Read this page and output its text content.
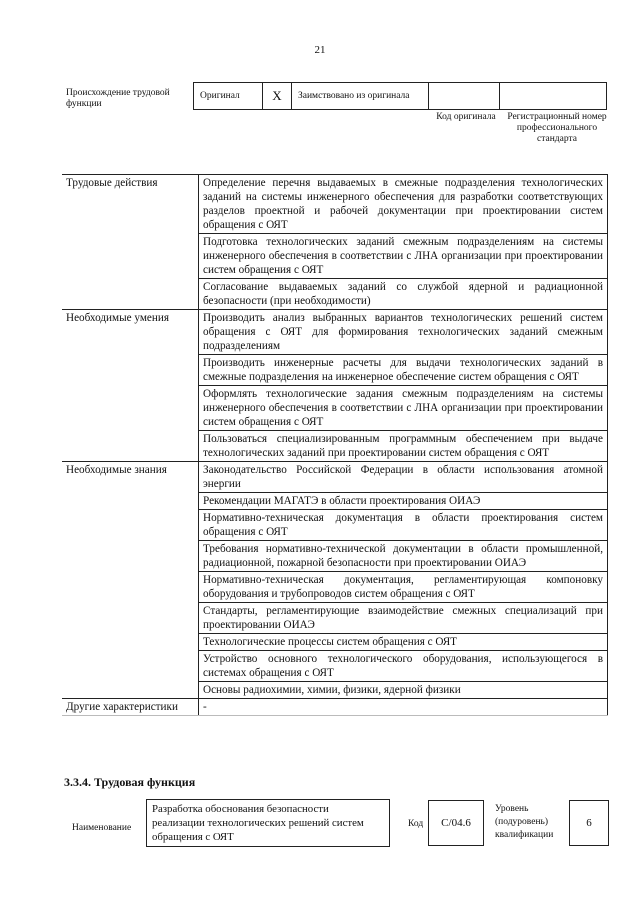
21
Происхождение трудовой функции
Оригинал	X	Заимствовано из оригинала		
Код оригинала	Регистрационный номер профессионального стандарта
Трудовые действия	Определение перечня выдаваемых в смежные подразделения технологических заданий на системы инженерного обеспечения для разработки соответствующих разделов проектной и рабочей документации при проектировании систем обращения с ОЯТ
	Подготовка технологических заданий смежным подразделениям на системы инженерного обеспечения в соответствии с ЛНА организации при проектировании систем обращения с ОЯТ
	Согласование выдаваемых заданий со службой ядерной и радиационной безопасности (при необходимости)
Необходимые умения	Производить анализ выбранных вариантов технологических решений систем обращения с ОЯТ для формирования технологических заданий смежным подразделениям
	Производить инженерные расчеты для выдачи технологических заданий в смежные подразделения на инженерное обеспечение систем обращения с ОЯТ
	Оформлять технологические задания смежным подразделениям на системы инженерного обеспечения в соответствии с ЛНА организации при проектировании систем обращения с ОЯТ
	Пользоваться специализированным программным обеспечением при выдаче технологических заданий при проектировании систем обращения с ОЯТ
Необходимые знания	Законодательство Российской Федерации в области использования атомной энергии
	Рекомендации МАГАТЭ в области проектирования ОИАЭ
	Нормативно-техническая документация в области проектирования систем обращения с ОЯТ
	Требования нормативно-технической документации в области промышленной, радиационной, пожарной безопасности при проектировании ОИАЭ
	Нормативно-техническая документация, регламентирующая компоновку оборудования и трубопроводов систем обращения с ОЯТ
	Стандарты, регламентирующие взаимодействие смежных специализаций при проектировании ОИАЭ
	Технологические процессы систем обращения с ОЯТ
	Устройство основного технологического оборудования, использующегося в системах обращения с ОЯТ
	Основы радиохимии, химии, физики, ядерной физики
Другие характеристики	-
3.3.4. Трудовая функция
Наименование
Разработка обоснования безопасности реализации технологических решений систем обращения с ОЯТ
Код	C/04.6
Уровень (подуровень) квалификации
6
